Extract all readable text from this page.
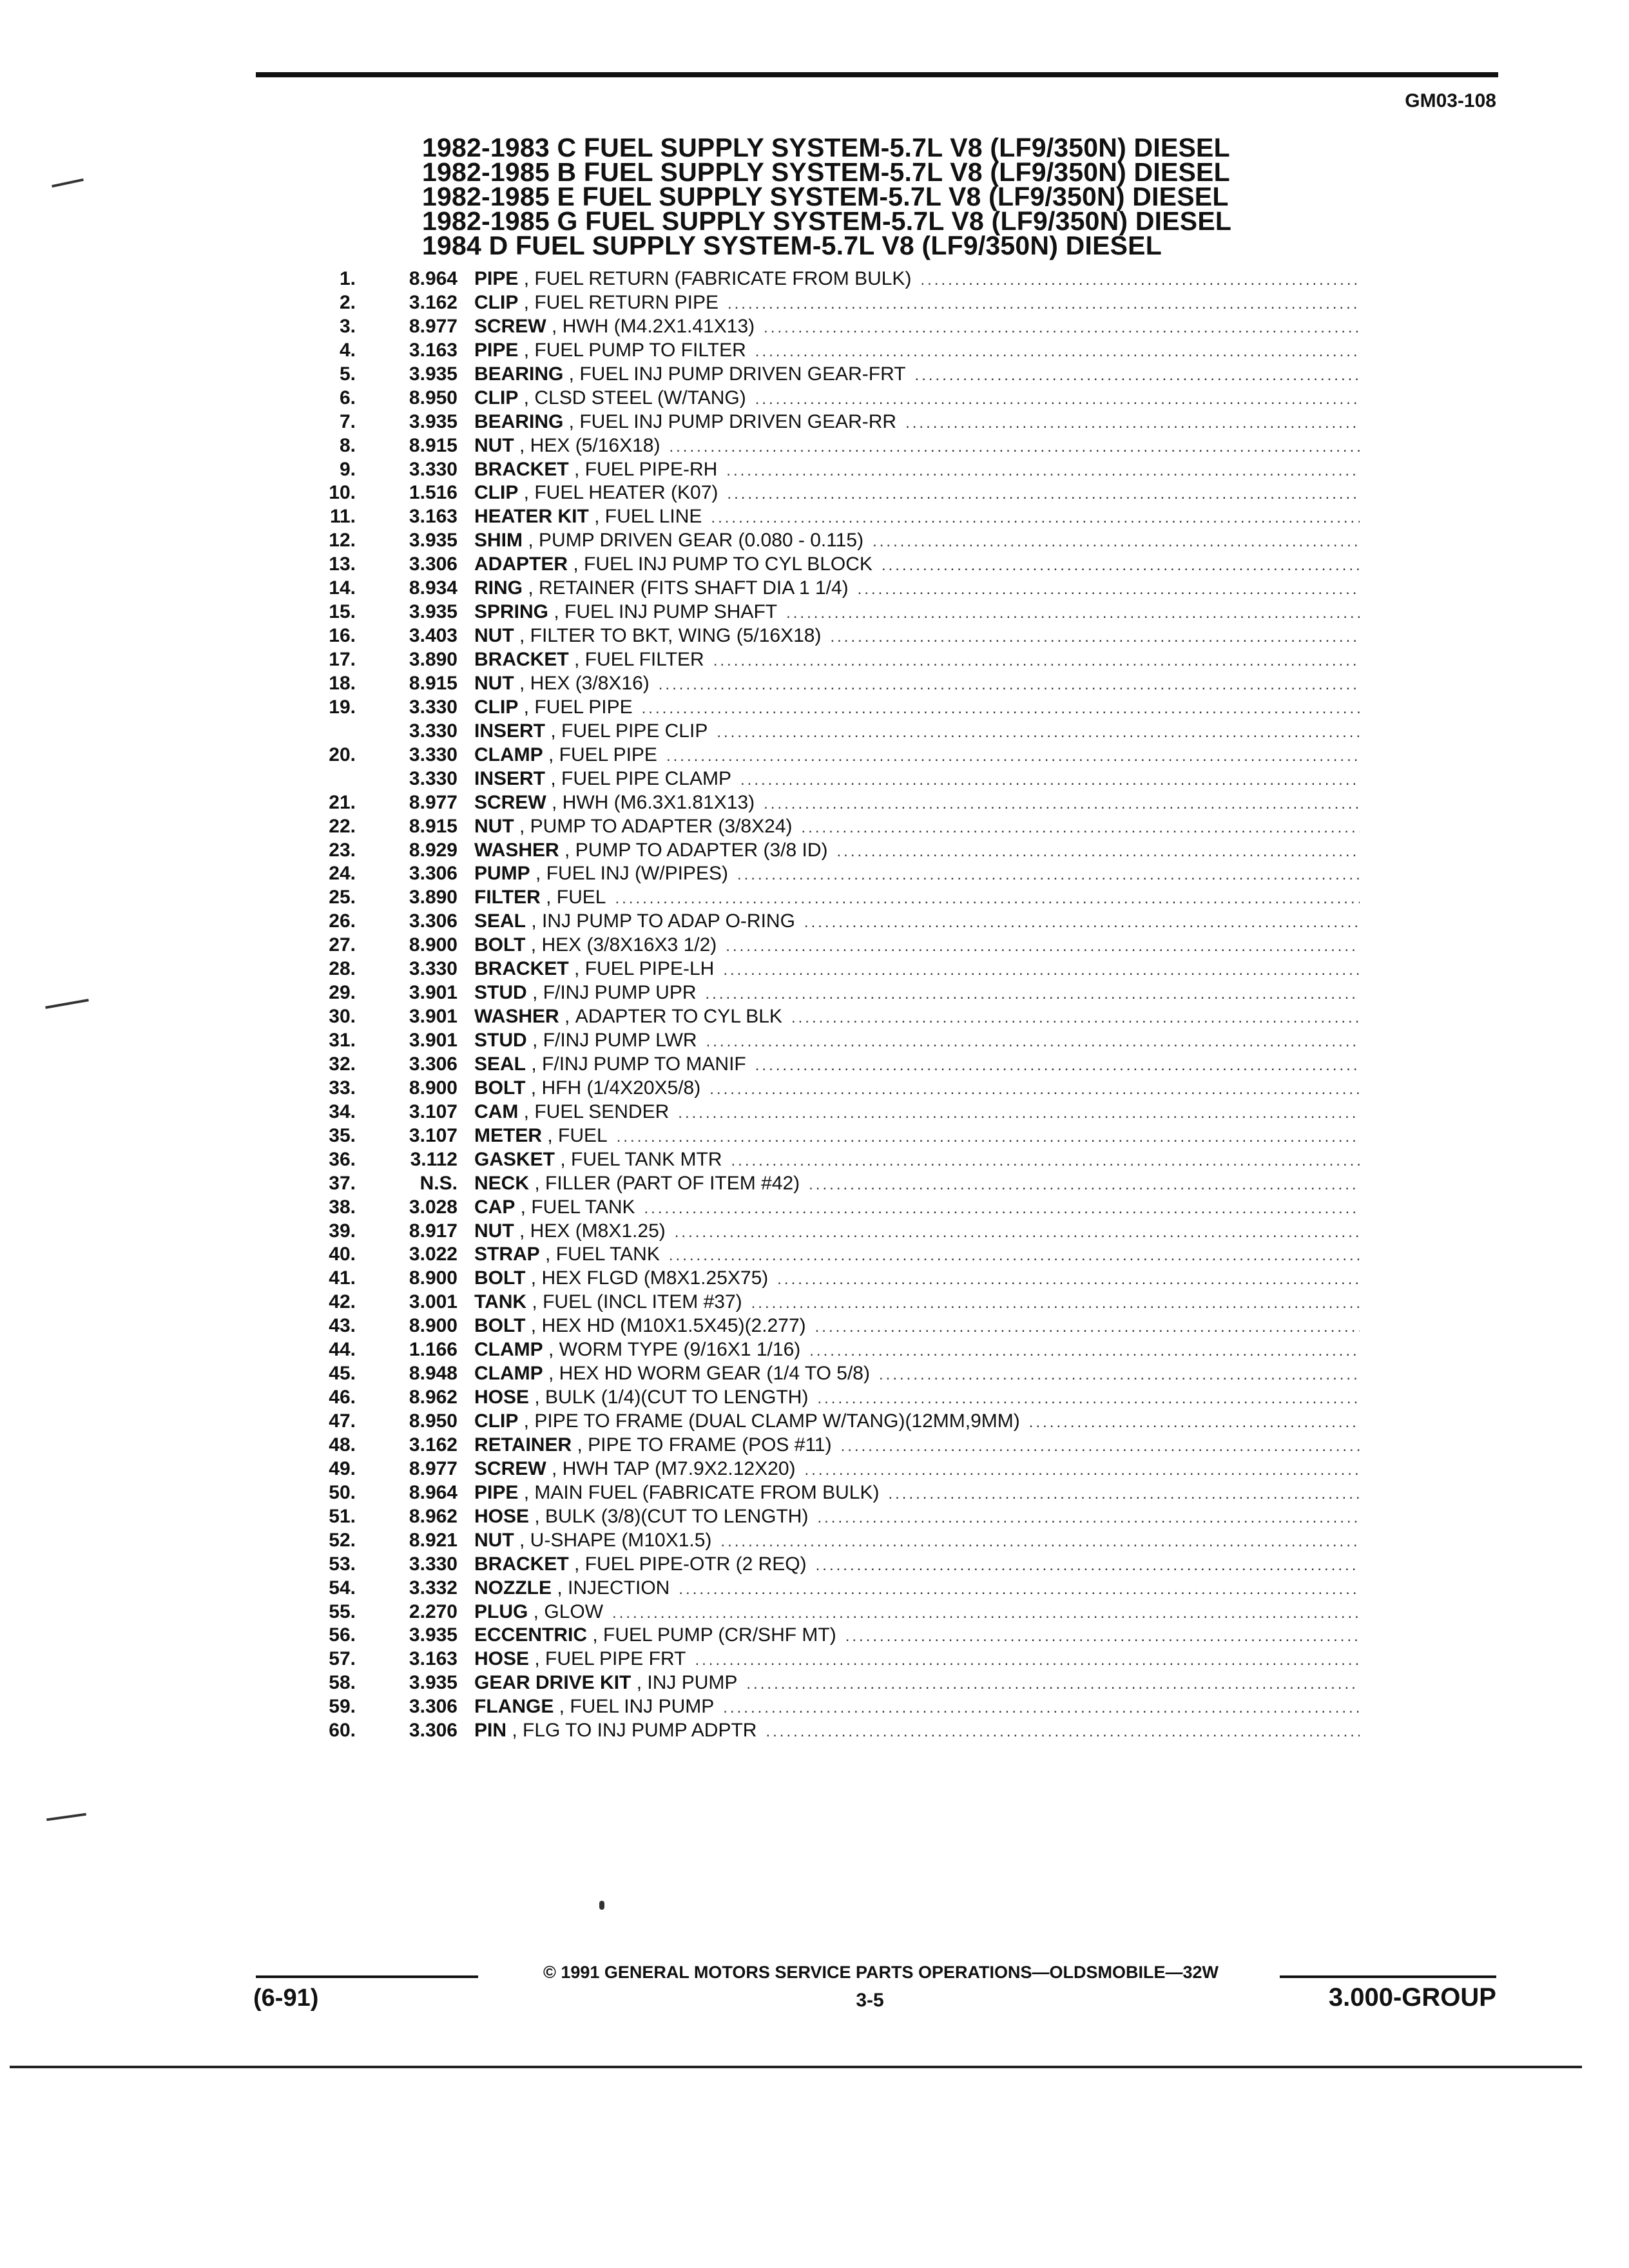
GM03-108
1982-1983 C FUEL SUPPLY SYSTEM-5.7L V8 (LF9/350N) DIESEL
1982-1985 B FUEL SUPPLY SYSTEM-5.7L V8 (LF9/350N) DIESEL
1982-1985 E FUEL SUPPLY SYSTEM-5.7L V8 (LF9/350N) DIESEL
1982-1985 G FUEL SUPPLY SYSTEM-5.7L V8 (LF9/350N) DIESEL
1984 D FUEL SUPPLY SYSTEM-5.7L V8 (LF9/350N) DIESEL
1.	8.964 PIPE , FUEL RETURN (FABRICATE FROM BULK)
.....
2.	3.162 CLIP , FUEL RETURN PIPE
.....
3.	8.977 SCREW , HWH (M4.2X1.41X13)
.....
4.	3.163 PIPE , FUEL PUMP TO FILTER
.....
5.	3.935 BEARING , FUEL INJ PUMP DRIVEN GEAR-FRT
.....
6.	8.950 CLIP , CLSD STEEL (W/TANG)
.....
7.	3.935 BEARING , FUEL INJ PUMP DRIVEN GEAR-RR
.....
8.	8.915 NUT , HEX (5/16X18)
.....
9.	3.330 BRACKET , FUEL PIPE-RH
.....
10.	1.516 CLIP , FUEL HEATER (K07)
.....
11.	3.163 HEATER KIT , FUEL LINE
.....
12.	3.935 SHIM , PUMP DRIVEN GEAR (0.080 - 0.115)
.....
13.	3.306 ADAPTER , FUEL INJ PUMP TO CYL BLOCK
.....
14.	8.934 RING , RETAINER (FITS SHAFT DIA 1 1/4)
.....
15.	3.935 SPRING , FUEL INJ PUMP SHAFT
.....
16.	3.403 NUT , FILTER TO BKT, WING (5/16X18)
.....
17.	3.890 BRACKET , FUEL FILTER
.....
18.	8.915 NUT , HEX (3/8X16)
.....
19.	3.330 CLIP , FUEL PIPE
.....
3.330 INSERT , FUEL PIPE CLIP
.....
20.	3.330 CLAMP , FUEL PIPE
.....
3.330 INSERT , FUEL PIPE CLAMP
.....
21.	8.977 SCREW , HWH (M6.3X1.81X13)
.....
22.	8.915 NUT , PUMP TO ADAPTER (3/8X24)
.....
23.	8.929 WASHER , PUMP TO ADAPTER (3/8 ID)
.....
24.	3.306 PUMP , FUEL INJ (W/PIPES)
.....
25.	3.890 FILTER , FUEL
.....
26.	3.306 SEAL , INJ PUMP TO ADAP O-RING
.....
27.	8.900 BOLT , HEX (3/8X16X3 1/2)
.....
28.	3.330 BRACKET , FUEL PIPE-LH
.....
29.	3.901 STUD , F/INJ PUMP UPR
.....
30.	3.901 WASHER , ADAPTER TO CYL BLK
.....
31.	3.901 STUD , F/INJ PUMP LWR
.....
32.	3.306 SEAL , F/INJ PUMP TO MANIF
.....
33.	8.900 BOLT , HFH (1/4X20X5/8)
.....
34.	3.107 CAM , FUEL SENDER
.....
35.	3.107 METER , FUEL
.....
36.	3.112 GASKET , FUEL TANK MTR
.....
37.	N.S. NECK , FILLER (PART OF ITEM #42)
.....
38.	3.028 CAP , FUEL TANK
.....
39.	8.917 NUT , HEX (M8X1.25)
.....
40.	3.022 STRAP , FUEL TANK
.....
41.	8.900 BOLT , HEX FLGD (M8X1.25X75)
.....
42.	3.001 TANK , FUEL (INCL ITEM #37)
.....
43.	8.900 BOLT , HEX HD (M10X1.5X45)(2.277)
.....
44.	1.166 CLAMP , WORM TYPE (9/16X1 1/16)
.....
45.	8.948 CLAMP , HEX HD WORM GEAR (1/4 TO 5/8)
.....
46.	8.962 HOSE , BULK (1/4)(CUT TO LENGTH)
.....
47.	8.950 CLIP , PIPE TO FRAME (DUAL CLAMP W/TANG)(12MM,9MM)
.....
48.	3.162 RETAINER , PIPE TO FRAME (POS #11)
.....
49.	8.977 SCREW , HWH TAP (M7.9X2.12X20)
.....
50.	8.964 PIPE , MAIN FUEL (FABRICATE FROM BULK)
.....
51.	8.962 HOSE , BULK (3/8)(CUT TO LENGTH)
.....
52.	8.921 NUT , U-SHAPE (M10X1.5)
.....
53.	3.330 BRACKET , FUEL PIPE-OTR (2 REQ)
.....
54.	3.332 NOZZLE , INJECTION
.....
55.	2.270 PLUG , GLOW
.....
56.	3.935 ECCENTRIC , FUEL PUMP (CR/SHF MT)
.....
57.	3.163 HOSE , FUEL PIPE FRT
.....
58.	3.935 GEAR DRIVE KIT , INJ PUMP
.....
59.	3.306 FLANGE , FUEL INJ PUMP
.....
60.	3.306 PIN , FLG TO INJ PUMP ADPTR
.....
© 1991 GENERAL MOTORS SERVICE PARTS OPERATIONS—OLDSMOBILE—32W
(6-91)	3-5	3.000-GROUP
